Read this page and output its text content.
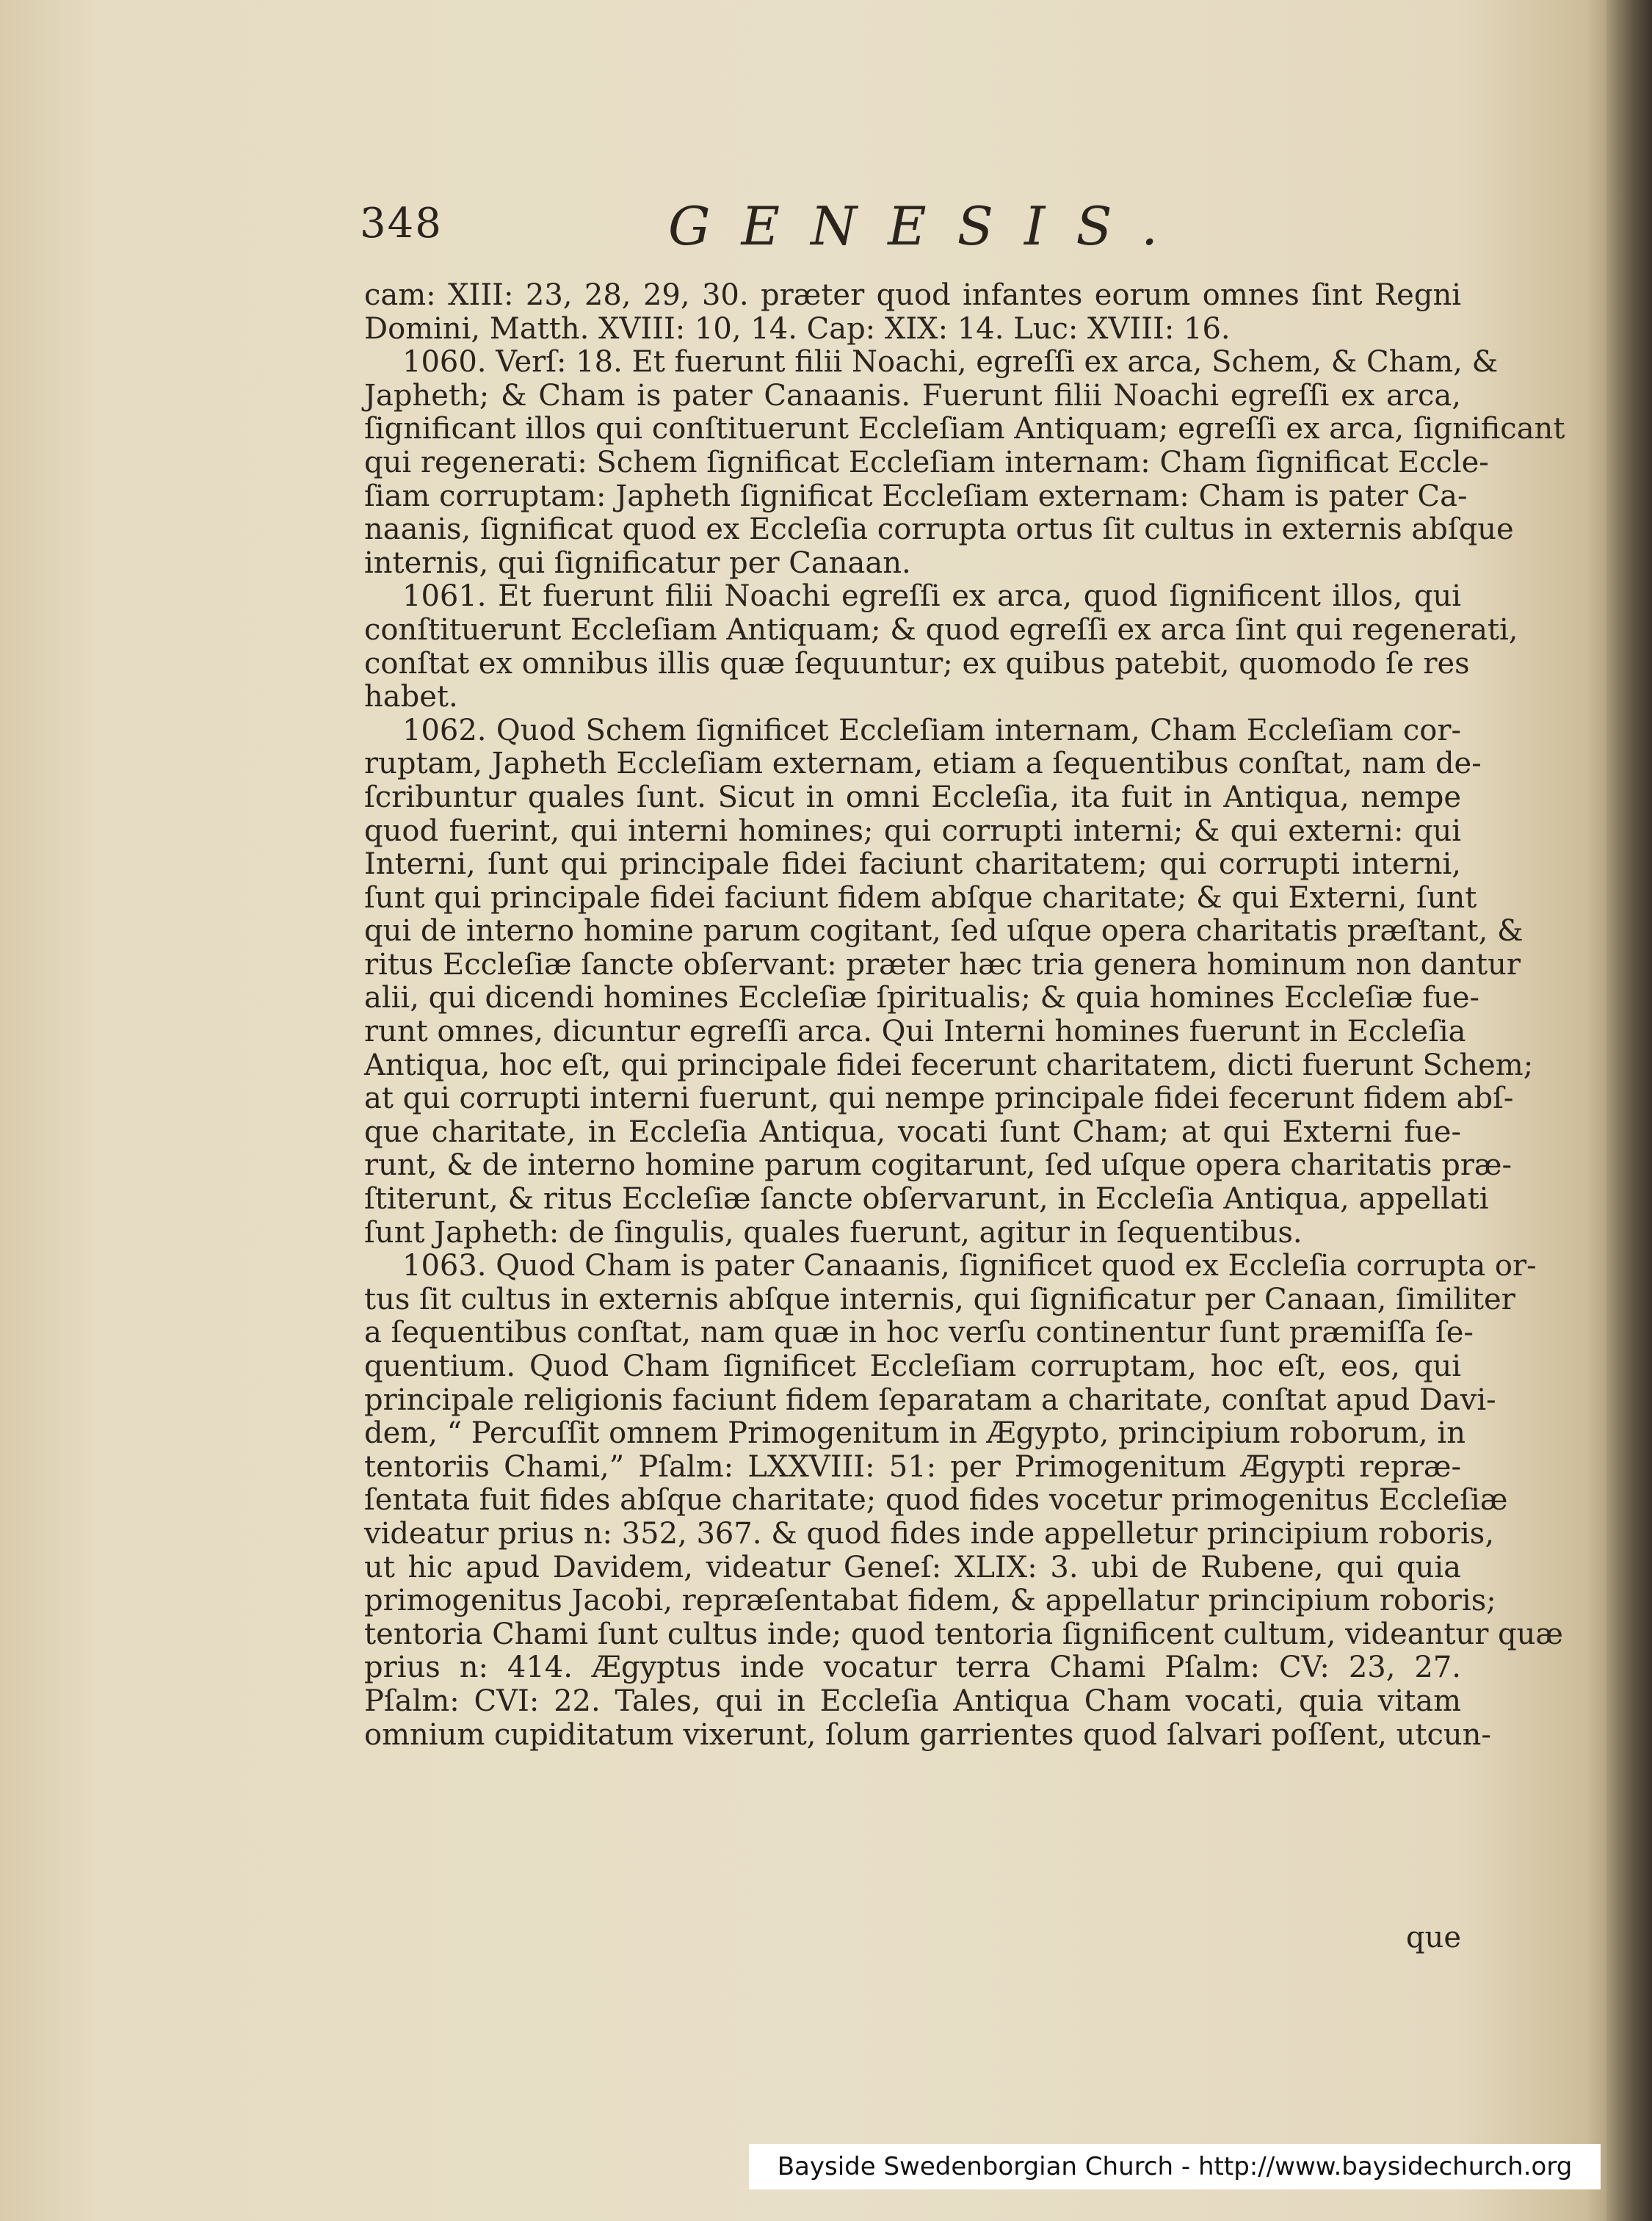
348	GENESIS.
cam: XIII: 23, 28, 29, 30. præter quod infantes eorum omnes ſint Regni
Domini, Matth. XVIII: 10, 14. Cap: XIX: 14. Luc: XVIII: 16.
1060. Verſ: 18. Et fuerunt filii Noachi, egreſſi ex arca, Schem, & Cham, &
Japheth; & Cham is pater Canaanis. Fuerunt filii Noachi egreſſi ex arca,
ſignificant illos qui conſtituerunt Eccleſiam Antiquam; egreſſi ex arca, ſignificant
qui regenerati: Schem ſignificat Eccleſiam internam: Cham ſignificat Eccle-
ſiam corruptam: Japheth ſignificat Eccleſiam externam: Cham is pater Ca-
naanis, ſignificat quod ex Eccleſia corrupta ortus ſit cultus in externis abſque
internis, qui ſignificatur per Canaan.
1061. Et fuerunt filii Noachi egreſſi ex arca, quod ſignificent illos, qui
conſtituerunt Eccleſiam Antiquam; & quod egreſſi ex arca ſint qui regenerati,
conſtat ex omnibus illis quæ ſequuntur; ex quibus patebit, quomodo ſe res
habet.
1062. Quod Schem ſignificet Eccleſiam internam, Cham Eccleſiam cor-
ruptam, Japheth Eccleſiam externam, etiam a ſequentibus conſtat, nam de-
ſcribuntur quales ſunt. Sicut in omni Eccleſia, ita fuit in Antiqua, nempe
quod fuerint, qui interni homines; qui corrupti interni; & qui externi: qui
Interni, ſunt qui principale fidei faciunt charitatem; qui corrupti interni,
ſunt qui principale fidei faciunt fidem abſque charitate; & qui Externi, ſunt
qui de interno homine parum cogitant, ſed uſque opera charitatis præſtant, &
ritus Eccleſiæ ſancte obſervant: præter hæc tria genera hominum non dantur
alii, qui dicendi homines Eccleſiæ ſpiritualis; & quia homines Eccleſiæ fue-
runt omnes, dicuntur egreſſi arca. Qui Interni homines fuerunt in Eccleſia
Antiqua, hoc eſt, qui principale fidei fecerunt charitatem, dicti fuerunt Schem;
at qui corrupti interni fuerunt, qui nempe principale fidei fecerunt fidem abſ-
que charitate, in Eccleſia Antiqua, vocati ſunt Cham; at qui Externi fue-
runt, & de interno homine parum cogitarunt, ſed uſque opera charitatis præ-
ſtiterunt, & ritus Eccleſiæ ſancte obſervarunt, in Eccleſia Antiqua, appellati
ſunt Japheth: de ſingulis, quales fuerunt, agitur in ſequentibus.
1063. Quod Cham is pater Canaanis, ſignificet quod ex Eccleſia corrupta or-
tus ſit cultus in externis abſque internis, qui ſignificatur per Canaan, ſimiliter
a ſequentibus conſtat, nam quæ in hoc verſu continentur ſunt præmiſſa ſe-
quentium. Quod Cham ſignificet Eccleſiam corruptam, hoc eſt, eos, qui
principale religionis faciunt fidem ſeparatam a charitate, conſtat apud Davi-
dem, “ Percuſſit omnem Primogenitum in Ægypto, principium roborum, in
tentoriis Chami,” Pſalm: LXXVIII: 51: per Primogenitum Ægypti repræ-
ſentata fuit fides abſque charitate; quod fides vocetur primogenitus Eccleſiæ
videatur prius n: 352, 367. & quod fides inde appelletur principium roboris,
ut hic apud Davidem, videatur Geneſ: XLIX: 3. ubi de Rubene, qui quia
primogenitus Jacobi, repræſentabat fidem, & appellatur principium roboris;
tentoria Chami ſunt cultus inde; quod tentoria ſignificent cultum, videantur quæ
prius n: 414. Ægyptus inde vocatur terra Chami Pſalm: CV: 23, 27.
Pſalm: CVI: 22. Tales, qui in Eccleſia Antiqua Cham vocati, quia vitam
omnium cupiditatum vixerunt, ſolum garrientes quod ſalvari poſſent, utcun-
que
Bayside Swedenborgian Church - http://www.baysidechurch.org
